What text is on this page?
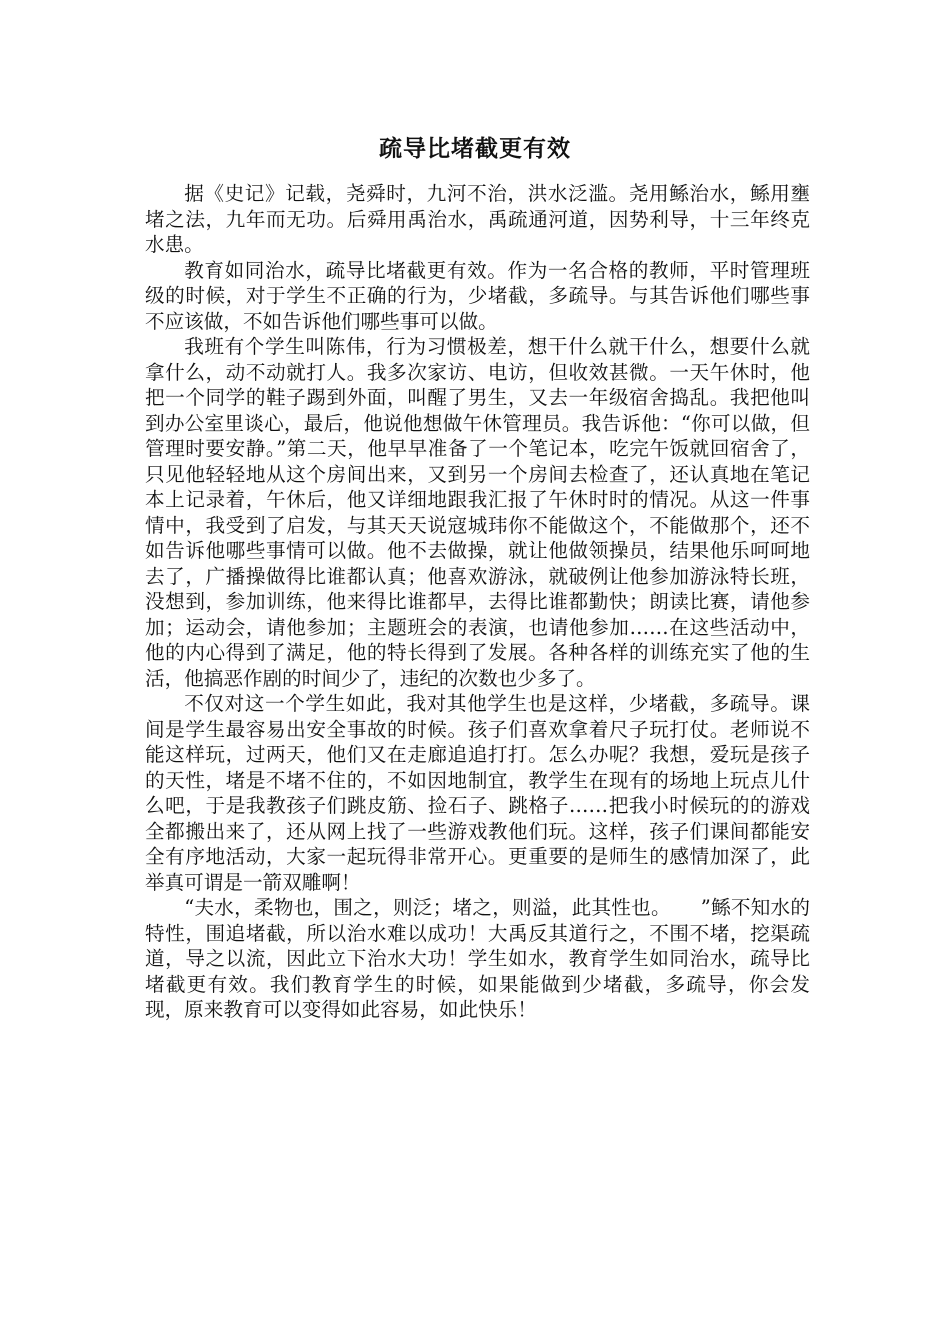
疏导比堵截更有效

据《史记》记载，尧舜时，九河不治，洪水泛滥。尧用鲧治水，鲧用壅堵之法，九年而无功。后舜用禹治水，禹疏通河道，因势利导，十三年终克水患。

教育如同治水，疏导比堵截更有效。作为一名合格的教师，平时管理班级的时候，对于学生不正确的行为，少堵截，多疏导。与其告诉他们哪些事不应该做，不如告诉他们哪些事可以做。

我班有个学生叫陈伟，行为习惯极差，想干什么就干什么，想要什么就拿什么，动不动就打人。我多次家访、电访，但收效甚微。一天午休时，他把一个同学的鞋子踢到外面，叫醒了男生，又去一年级宿舍捣乱。我把他叫到办公室里谈心，最后，他说他想做午休管理员。我告诉他：“你可以做，但管理时要安静。”第二天，他早早准备了一个笔记本，吃完午饭就回宿舍了，只见他轻轻地从这个房间出来，又到另一个房间去检查了，还认真地在笔记本上记录着，午休后，他又详细地跟我汇报了午休时时的情况。从这一件事情中，我受到了启发，与其天天说寇城玮你不能做这个，不能做那个，还不如告诉他哪些事情可以做。他不去做操，就让他做领操员，结果他乐呵呵地去了，广播操做得比谁都认真；他喜欢游泳，就破例让他参加游泳特长班，没想到，参加训练，他来得比谁都早，去得比谁都勤快；朗读比赛，请他参加；运动会，请他参加；主题班会的表演，也请他参加……在这些活动中，他的内心得到了满足，他的特长得到了发展。各种各样的训练充实了他的生活，他搞恶作剧的时间少了，违纪的次数也少多了。

不仅对这一个学生如此，我对其他学生也是这样，少堵截，多疏导。课间是学生最容易出安全事故的时候。孩子们喜欢拿着尺子玩打仗。老师说不能这样玩，过两天，他们又在走廊追追打打。怎么办呢？我想，爱玩是孩子的天性，堵是不堵不住的，不如因地制宜，教学生在现有的场地上玩点儿什么吧，于是我教孩子们跳皮筋、捡石子、跳格子……把我小时候玩的的游戏全都搬出来了，还从网上找了一些游戏教他们玩。这样，孩子们课间都能安全有序地活动，大家一起玩得非常开心。更重要的是师生的感情加深了，此举真可谓是一箭双雕啊！

“夫水，柔物也，围之，则泛；堵之，则溢，此其性也。　　”鲧不知水的特性，围追堵截，所以治水难以成功！大禹反其道行之，不围不堵，挖渠疏道，导之以流，因此立下治水大功！学生如水，教育学生如同治水，疏导比堵截更有效。我们教育学生的时候，如果能做到少堵截，多疏导，你会发现，原来教育可以变得如此容易，如此快乐！
